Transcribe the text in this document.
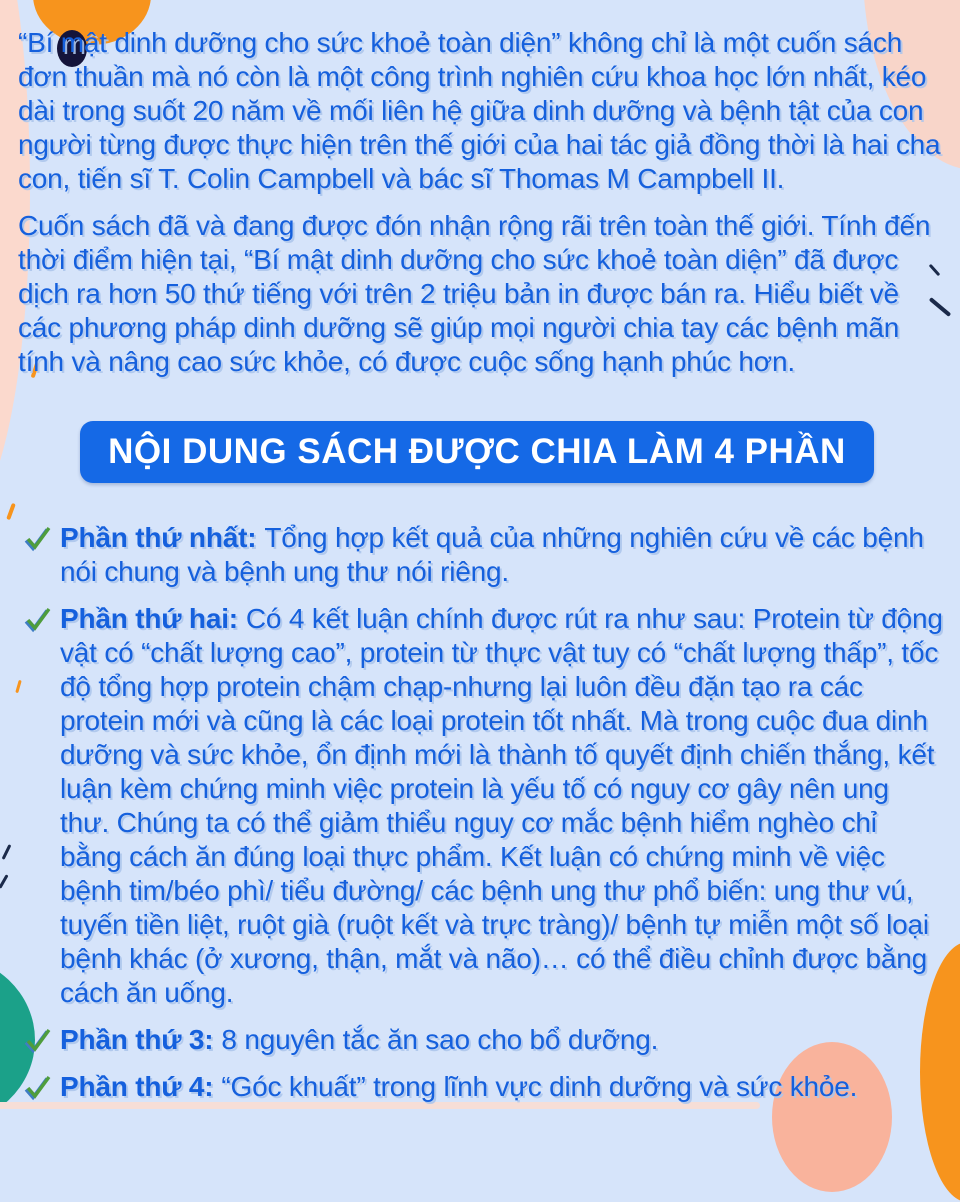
“Bí mật dinh dưỡng cho sức khoẻ toàn diện” không chỉ là một cuốn sách đơn thuần mà nó còn là một công trình nghiên cứu khoa học lớn nhất, kéo dài trong suốt 20 năm về mối liên hệ giữa dinh dưỡng và bệnh tật của con người từng được thực hiện trên thế giới của hai tác giả đồng thời là hai cha con, tiến sĩ T. Colin Campbell và bác sĩ Thomas M Campbell II.

Cuốn sách đã và đang được đón nhận rộng rãi trên toàn thế giới. Tính đến thời điểm hiện tại, “Bí mật dinh dưỡng cho sức khoẻ toàn diện” đã được dịch ra hơn 50 thứ tiếng với trên 2 triệu bản in được bán ra. Hiểu biết về các phương pháp dinh dưỡng sẽ giúp mọi người chia tay các bệnh mãn tính và nâng cao sức khỏe, có được cuộc sống hạnh phúc hơn.

NỘI DUNG SÁCH ĐƯỢC CHIA LÀM 4 PHẦN
Phần thứ nhất: Tổng hợp kết quả của những nghiên cứu về các bệnh nói chung và bệnh ung thư nói riêng.
Phần thứ hai: Có 4 kết luận chính được rút ra như sau: Protein từ động vật có “chất lượng cao”, protein từ thực vật tuy có “chất lượng thấp”, tốc độ tổng hợp protein chậm chạp-nhưng lại luôn đều đặn tạo ra các protein mới và cũng là các loại protein tốt nhất. Mà trong cuộc đua dinh dưỡng và sức khỏe, ổn định mới là thành tố quyết định chiến thắng, kết luận kèm chứng minh việc protein là yếu tố có nguy cơ gây nên ung thư. Chúng ta có thể giảm thiểu nguy cơ mắc bệnh hiểm nghèo chỉ bằng cách ăn đúng loại thực phẩm. Kết luận có chứng minh về việc bệnh tim/béo phì/ tiểu đường/ các bệnh ung thư phổ biến: ung thư vú, tuyến tiền liệt, ruột già (ruột kết và trực tràng)/ bệnh tự miễn một số loại bệnh khác (ở xương, thận, mắt và não)… có thể điều chỉnh được bằng cách ăn uống.
Phần thứ 3: 8 nguyên tắc ăn sao cho bổ dưỡng.
Phần thứ 4: “Góc khuất” trong lĩnh vực dinh dưỡng và sức khỏe.
